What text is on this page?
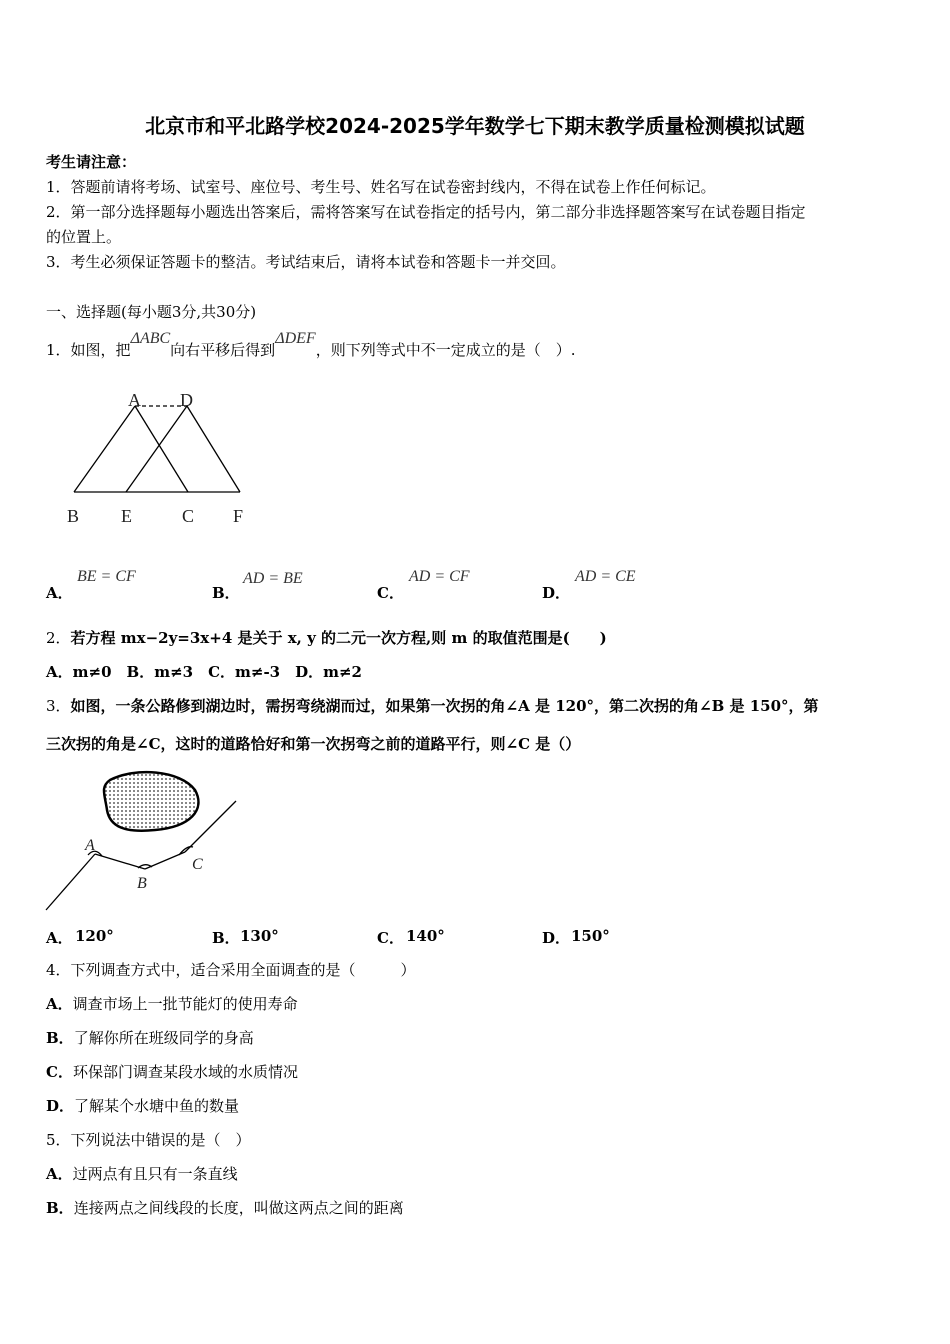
北京市和平北路学校2024-2025学年数学七下期末教学质量检测模拟试题
考生请注意：
1．答题前请将考场、试室号、座位号、考生号、姓名写在试卷密封线内，不得在试卷上作任何标记。
2．第一部分选择题每小题选出答案后，需将答案写在试卷指定的括号内，第二部分非选择题答案写在试卷题目指定
的位置上。
3．考生必须保证答题卡的整洁。考试结束后，请将本试卷和答题卡一并交回。
一、选择题(每小题3分,共30分)
1．如图，把ΔABC向右平移后得到ΔDEF，则下列等式中不一定成立的是（　）.
A D
B E	C F
A．
BE = CF
B．
AD = BE
C．
AD = CF
D．
AD = CE
2．若方程 mx−2y=3x+4 是关于 x, y 的二元一次方程,则 m 的取值范围是(　　)
A．m≠0　B．m≠3　C．m≠-3　D．m≠2
3．如图，一条公路修到湖边时，需拐弯绕湖而过，如果第一次拐的角∠A 是 120°，第二次拐的角∠B 是 150°，第
三次拐的角是∠C，这时的道路恰好和第一次拐弯之前的道路平行，则∠C 是（）
A
B
C
A． 120°	B． 130°	C． 140°	D． 150°
4．下列调查方式中，适合采用全面调查的是（　　　）
A．调查市场上一批节能灯的使用寿命
B．了解你所在班级同学的身高
C．环保部门调查某段水域的水质情况
D．了解某个水塘中鱼的数量
5．下列说法中错误的是（　）
A．过两点有且只有一条直线
B．连接两点之间线段的长度，叫做这两点之间的距离
